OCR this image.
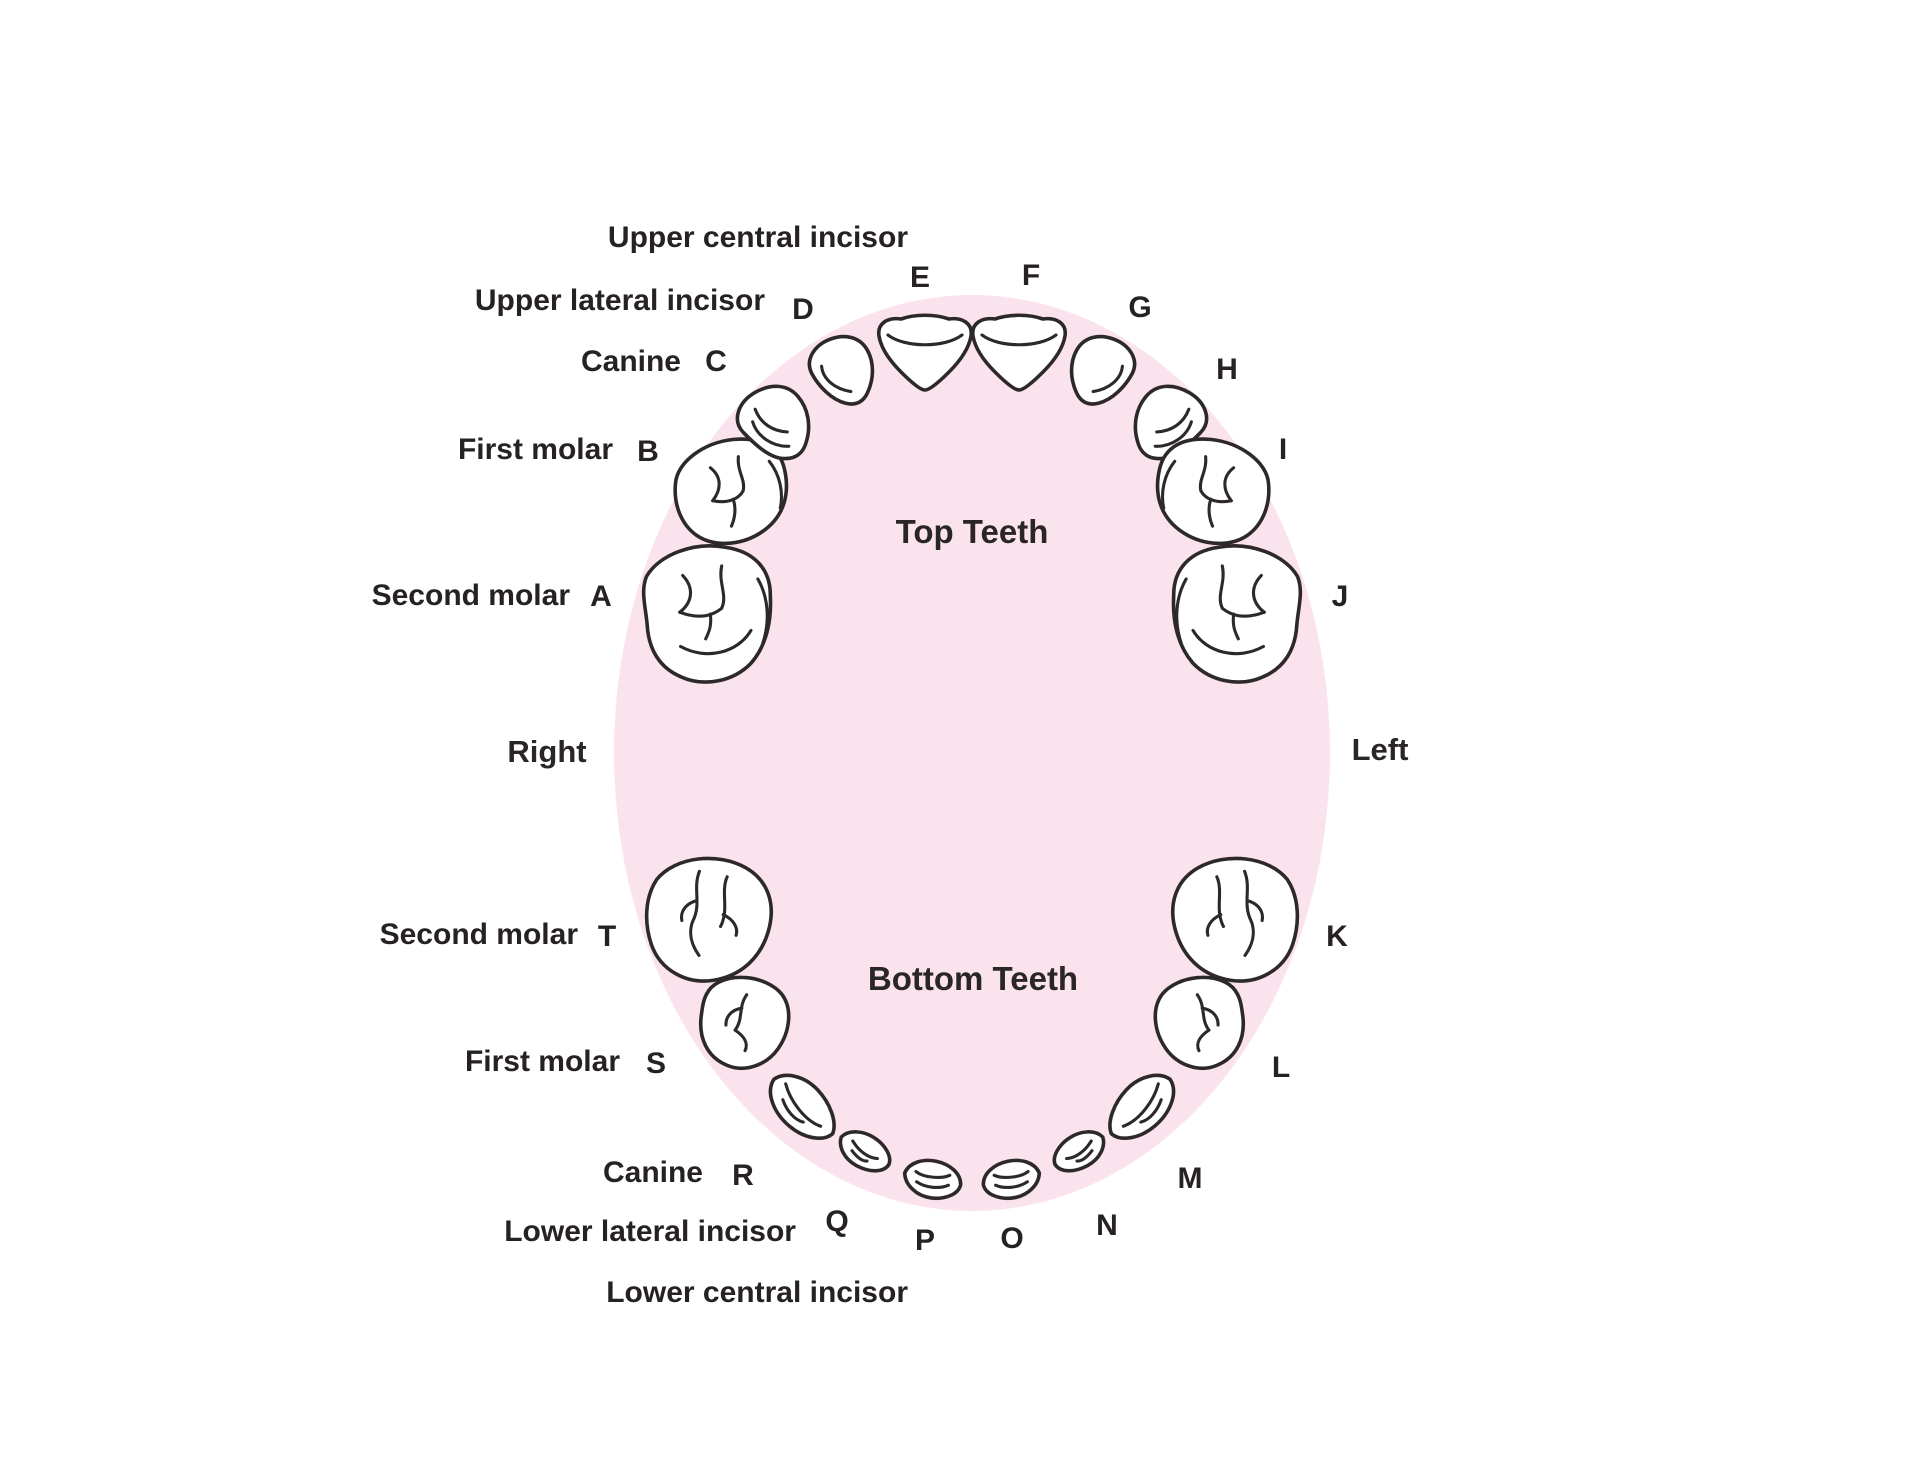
A
B
C
D
E	F
G
H
I
J
K
L
M
N
O
P
Q
R
S
T
Upper central incisor
Upper lateral incisor
Canine
First molar
Second molar
Second molar
First molar
Canine
Lower lateral incisor
Lower central incisor
Top Teeth
Bottom Teeth
Right	Left
